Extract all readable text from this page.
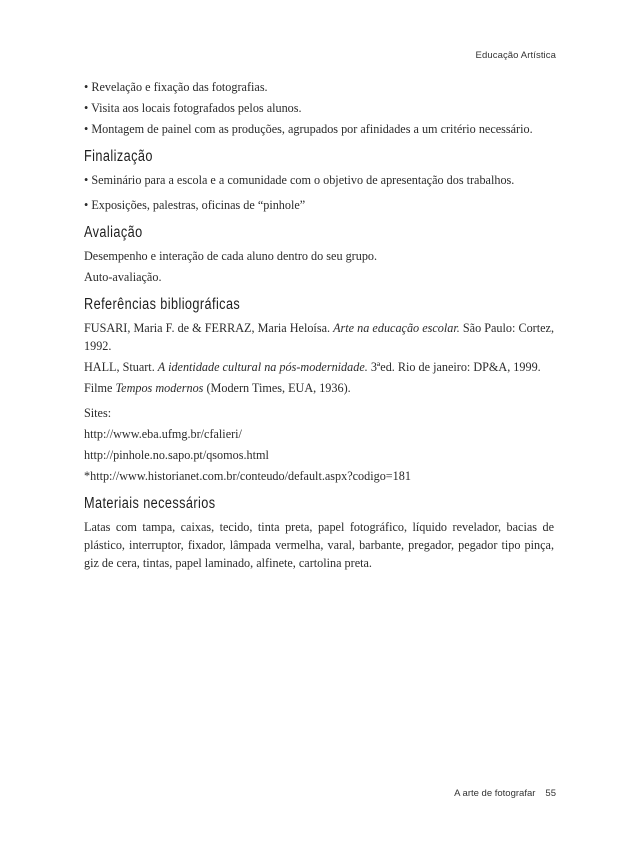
Educação Artística

• Revelação e fixação das fotografias.

• Visita aos locais fotografados pelos alunos.

• Montagem de painel com as produções, agrupados por afinidades a um critério necessário.

Finalização

• Seminário para a escola e a comunidade com o objetivo de apresentação dos trabalhos.

• Exposições, palestras, oficinas de “pinhole”

Avaliação

Desempenho e interação de cada aluno dentro do seu grupo.

Auto-avaliação.

Referências bibliográficas

FUSARI, Maria F. de & FERRAZ, Maria Heloísa. Arte na educação escolar. São Paulo: Cortez, 1992.

HALL, Stuart. A identidade cultural na pós-modernidade. 3ªed. Rio de janeiro: DP&A, 1999.

Filme Tempos modernos (Modern Times, EUA, 1936).

Sites:

http://www.eba.ufmg.br/cfalieri/

http://pinhole.no.sapo.pt/qsomos.html

*http://www.historianet.com.br/conteudo/default.aspx?codigo=181

Materiais necessários

Latas com tampa, caixas, tecido, tinta preta, papel fotográfico, líquido revelador, bacias de plástico, interruptor, fixador, lâmpada vermelha, varal, barbante, pregador, pegador tipo pinça, giz de cera, tintas, papel laminado, alfinete, cartolina preta.

A arte de fotografar 55
